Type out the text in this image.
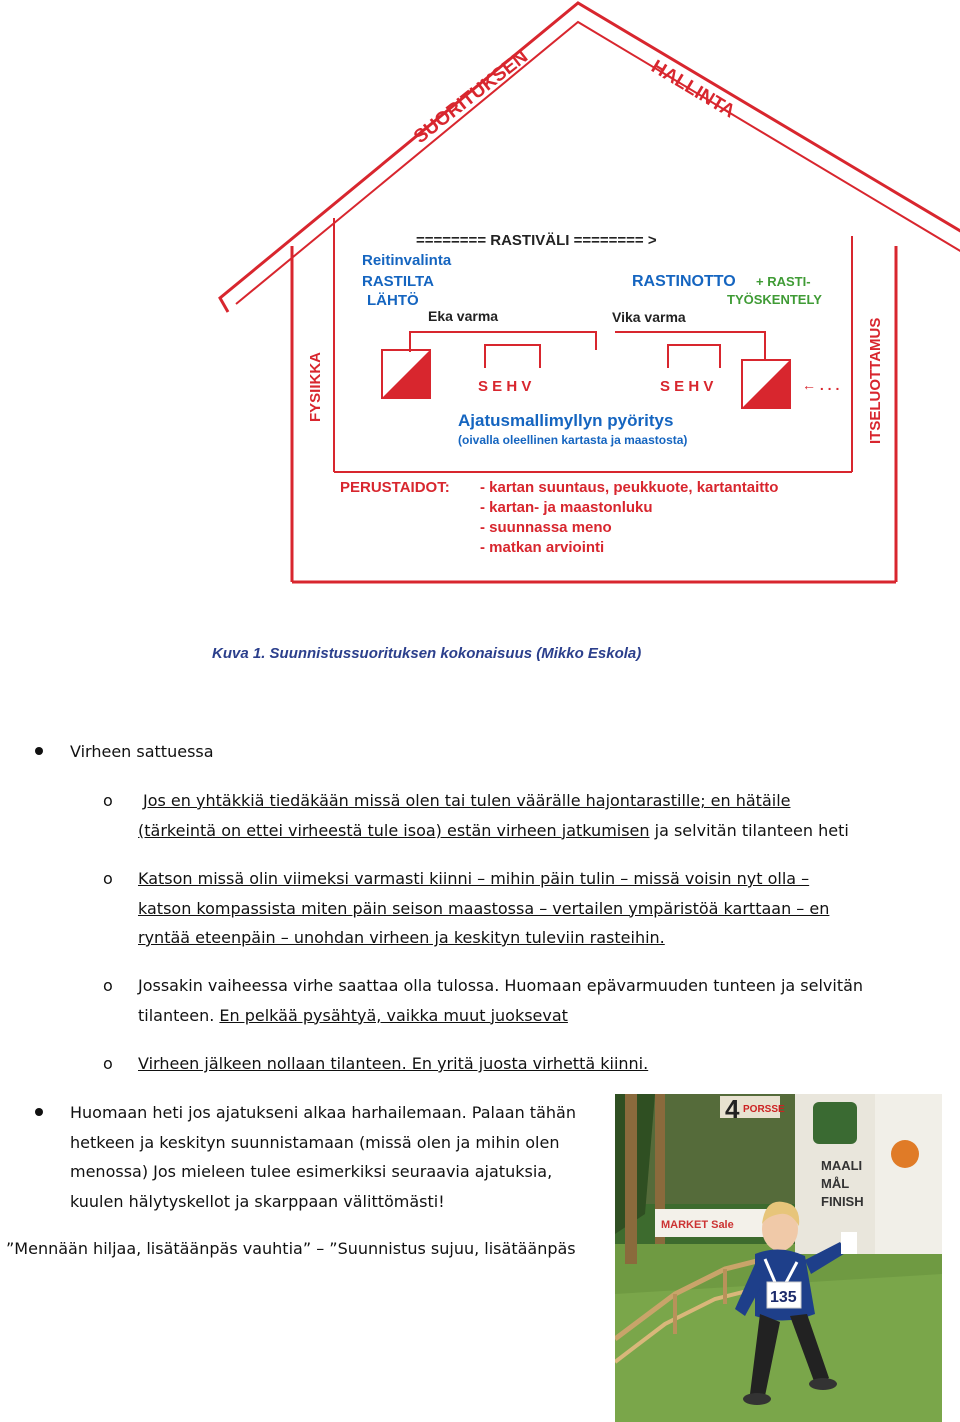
SUORITUKSEN	HALLINTA
FYSIIKKA	ITSELUOTTAMUS
======== RASTIVÄLI ======== >
Reitinvalinta
RASTILTA
LÄHTÖ
Eka varma
RASTINOTTO + RASTI-
TYÖSKENTELY
Vika varma
S E H V	S E H V	← . . .
Ajatusmallimyllyn pyöritys
(oivalla oleellinen kartasta ja maastosta)
PERUSTAIDOT: - kartan suuntaus, peukkuote, kartantaitto
- kartan- ja maastonluku
- suunnassa meno
- matkan arviointi
Kuva 1. Suunnistussuorituksen kokonaisuus (Mikko Eskola)
Virheen sattuessa
o	Jos en yhtäkkiä tiedäkään missä olen tai tulen väärälle hajontarastille; en hätäile
(tärkeintä on ettei virheestä tule isoa) estän virheen jatkumisen ja selvitän tilanteen heti
o Katson missä olin viimeksi varmasti kiinni – mihin päin tulin – missä voisin nyt olla –
katson kompassista miten päin seison maastossa – vertailen ympäristöä karttaan – en
ryntää eteenpäin – unohdan virheen ja keskityn tuleviin rasteihin.
o Jossakin vaiheessa virhe saattaa olla tulossa. Huomaan epävarmuuden tunteen ja selvitän
tilanteen. En pelkää pysähtyä, vaikka muut juoksevat
o Virheen jälkeen nollaan tilanteen. En yritä juosta virhettä kiinni.
Huomaan heti jos ajatukseni alkaa harhailemaan. Palaan tähän
hetkeen ja keskityn suunnistamaan (missä olen ja mihin olen
menossa) Jos mieleen tulee esimerkiksi seuraavia ajatuksia,
kuulen hälytyskellot ja skarppaan välittömästi!
”Mennään hiljaa, lisätäänpäs vauhtia” – ”Suunnistus sujuu, lisätäänpäs
4 PORSSE
MAALI
MÅL
FINISH
MARKET Sale
135
